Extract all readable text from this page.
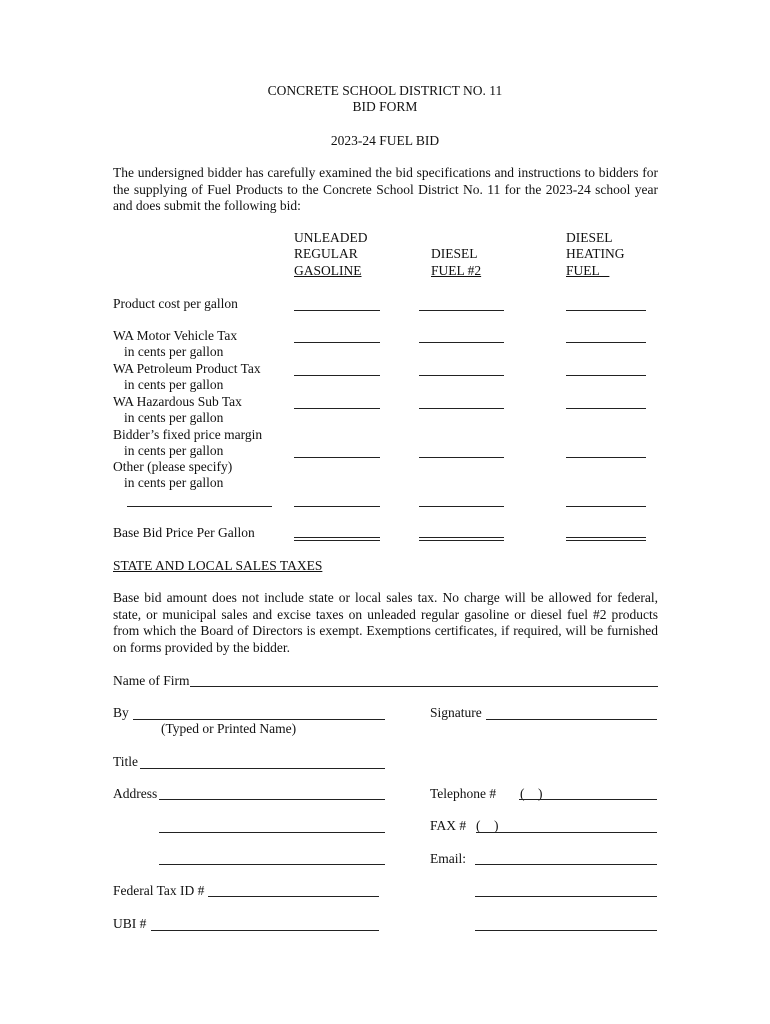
CONCRETE SCHOOL DISTRICT NO. 11
BID FORM
2023-24 FUEL BID
The undersigned bidder has carefully examined the bid specifications and instructions to bidders for the supplying of Fuel Products to the Concrete School District No. 11 for the 2023-24 school year and does submit the following bid:
UNLEADED
REGULAR
GASOLINE
DIESEL
FUEL #2
DIESEL
HEATING
FUEL
Product cost per gallon
WA Motor Vehicle Tax
in cents per gallon
WA Petroleum Product Tax
in cents per gallon
WA Hazardous Sub Tax
in cents per gallon
Bidder’s fixed price margin
in cents per gallon
Other (please specify)
in cents per gallon
Base Bid Price Per Gallon
STATE AND LOCAL SALES TAXES
Base bid amount does not include state or local sales tax. No charge will be allowed for federal, state, or municipal sales and excise taxes on unleaded regular gasoline or diesel fuel #2 products from which the Board of Directors is exempt. Exemptions certificates, if required, will be furnished on forms provided by the bidder.
Name of Firm
By
(Typed or Printed Name)
Signature
Title
Address	Telephone # (    )
FAX # (    )
Email:
Federal Tax ID #
UBI #
